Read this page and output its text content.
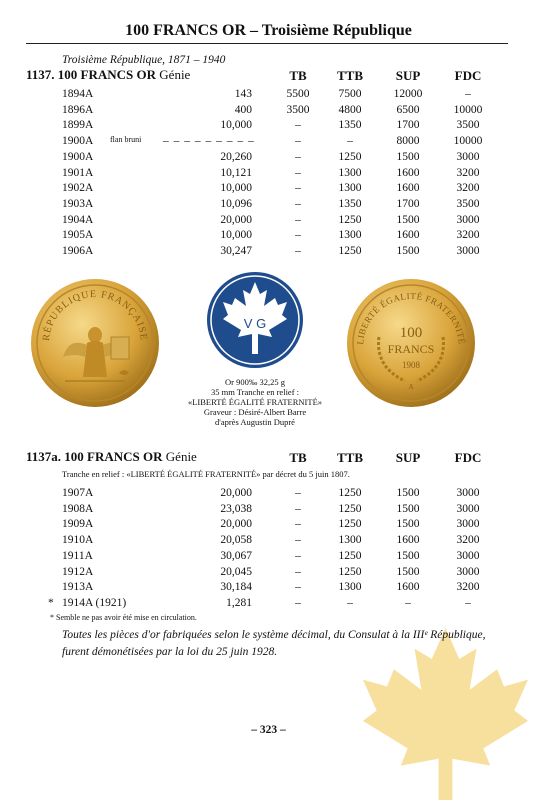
100 FRANCS OR – Troisième République
Troisième République, 1871 – 1940
1137. 100 FRANCS OR Génie	TB	TTB	SUP	FDC
1894A	143	5500	7500	12000	–
1896A	400	3500	4800	6500	10000
1899A	10,000	–	1350	1700	3500
1900A flan bruni – – – – – – – – –	–	–	8000	10000
1900A	20,260	–	1250	1500	3000
1901A	10,121	–	1300	1600	3200
1902A	10,000	–	1300	1600	3200
1903A	10,096	–	1350	1700	3500
1904A	20,000	–	1250	1500	3000
1905A	10,000	–	1300	1600	3200
1906A	30,247	–	1250	1500	3000
RÉPUBLIQUE FRANÇAISE
V G
Or 900‰ 32,25 g
35 mm Tranche en relief :
«LIBERTÉ ÉGALITÉ FRATERNITÉ»
Graveur : Désiré-Albert Barre
d'après Augustin Dupré
LIBERTÉ ÉGALITÉ FRATERNITÉ
100
FRANCS
1908
A
1137a. 100 FRANCS OR Génie	TB	TTB	SUP	FDC
Tranche en relief : «LIBERTÉ ÉGALITÉ FRATERNITÉ» par décret du 5 juin 1807.
1907A	20,000	–	1250	1500	3000
1908A	23,038	–	1250	1500	3000
1909A	20,000	–	1250	1500	3000
1910A	20,058	–	1300	1600	3200
1911A	30,067	–	1250	1500	3000
1912A	20,045	–	1250	1500	3000
1913A	30,184	–	1300	1600	3200
* 1914A (1921)	1,281	–	–	–	–
* Semble ne pas avoir été mise en circulation.
Toutes les pièces d'or fabriquées selon le système décimal, du Consulat à la IIIᵉ République, furent démonétisées par la loi du 25 juin 1928.
– 323 –
